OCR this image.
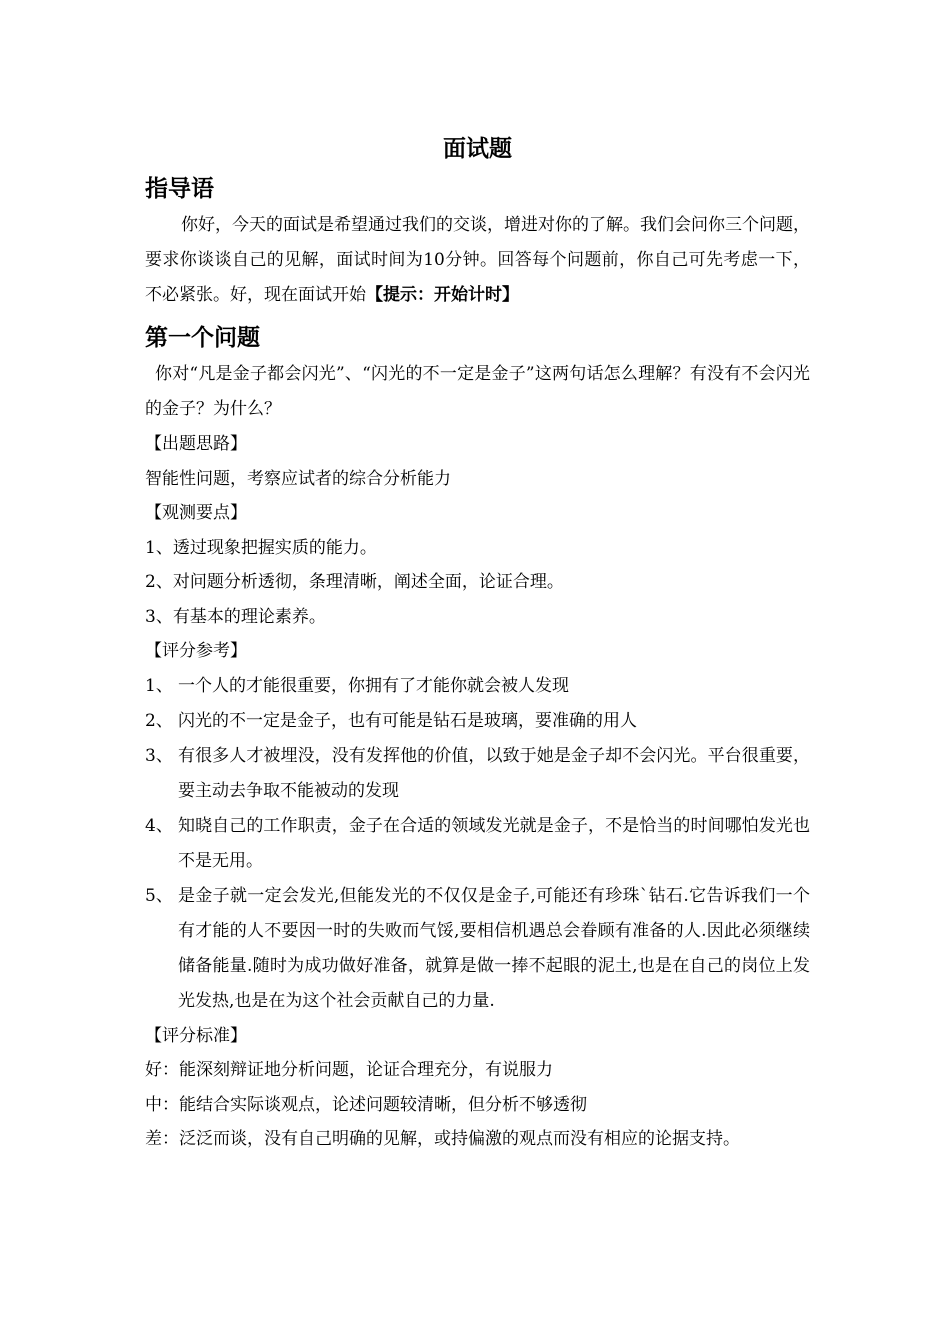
面试题
指导语

你好，今天的面试是希望通过我们的交谈，增进对你的了解。我们会问你三个问题，要求你谈谈自己的见解，面试时间为10分钟。回答每个问题前，你自己可先考虑一下，不必紧张。好，现在面试开始【提示：开始计时】

第一个问题

你对“凡是金子都会闪光”、“闪光的不一定是金子”这两句话怎么理解？有没有不会闪光的金子？为什么？

【出题思路】

智能性问题，考察应试者的综合分析能力

【观测要点】

1、透过现象把握实质的能力。

2、对问题分析透彻，条理清晰，阐述全面，论证合理。

3、有基本的理论素养。

【评分参考】

1、 一个人的才能很重要，你拥有了才能你就会被人发现
2、 闪光的不一定是金子，也有可能是钻石是玻璃，要准确的用人
3、 有很多人才被埋没，没有发挥他的价值，以致于她是金子却不会闪光。平台很重要，要主动去争取不能被动的发现
4、 知晓自己的工作职责，金子在合适的领域发光就是金子，不是恰当的时间哪怕发光也不是无用。
5、 是金子就一定会发光,但能发光的不仅仅是金子,可能还有珍珠`钻石.它告诉我们一个有才能的人不要因一时的失败而气馁,要相信机遇总会眷顾有准备的人.因此必须继续储备能量.随时为成功做好准备，就算是做一捧不起眼的泥土,也是在自己的岗位上发光发热,也是在为这个社会贡献自己的力量.

【评分标准】

好：能深刻辩证地分析问题，论证合理充分，有说服力

中：能结合实际谈观点，论述问题较清晰，但分析不够透彻

差：泛泛而谈，没有自己明确的见解，或持偏激的观点而没有相应的论据支持。
